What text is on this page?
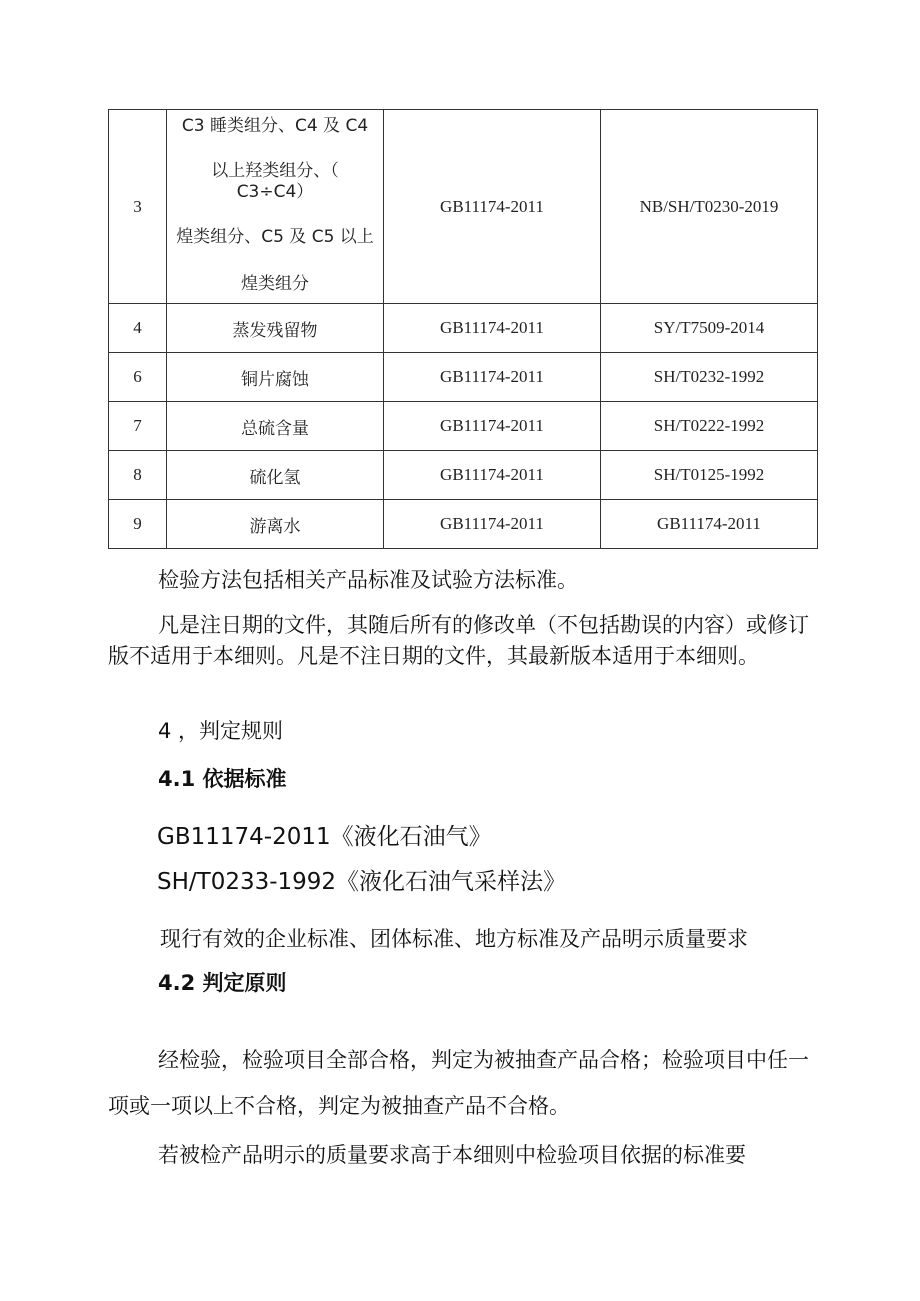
3	C3 睡类组分、C4 及 C4
以上羟类组分、（
C3÷C4）
煌类组分、C5 及 C5 以上
煌类组分	GB11174-2011	NB/SH/T0230-2019
4	蒸发残留物	GB11174-2011	SY/T7509-2014
6	铜片腐蚀	GB11174-2011	SH/T0232-1992
7	总硫含量	GB11174-2011	SH/T0222-1992
8	硫化氢	GB11174-2011	SH/T0125-1992
9	游离水	GB11174-2011	GB11174-2011

检验方法包括相关产品标准及试验方法标准。

凡是注日期的文件，其随后所有的修改单（不包括勘误的内容）或修订版不适用于本细则。凡是不注日期的文件，其最新版本适用于本细则。

4 ，判定规则

4.1 依据标准

GB11174-2011《液化石油气》

SH/T0233-1992《液化石油气采样法》

现行有效的企业标准、团体标准、地方标准及产品明示质量要求

4.2 判定原则

经检验，检验项目全部合格，判定为被抽查产品合格；检验项目中任一项或一项以上不合格，判定为被抽查产品不合格。

若被检产品明示的质量要求高于本细则中检验项目依据的标准要
